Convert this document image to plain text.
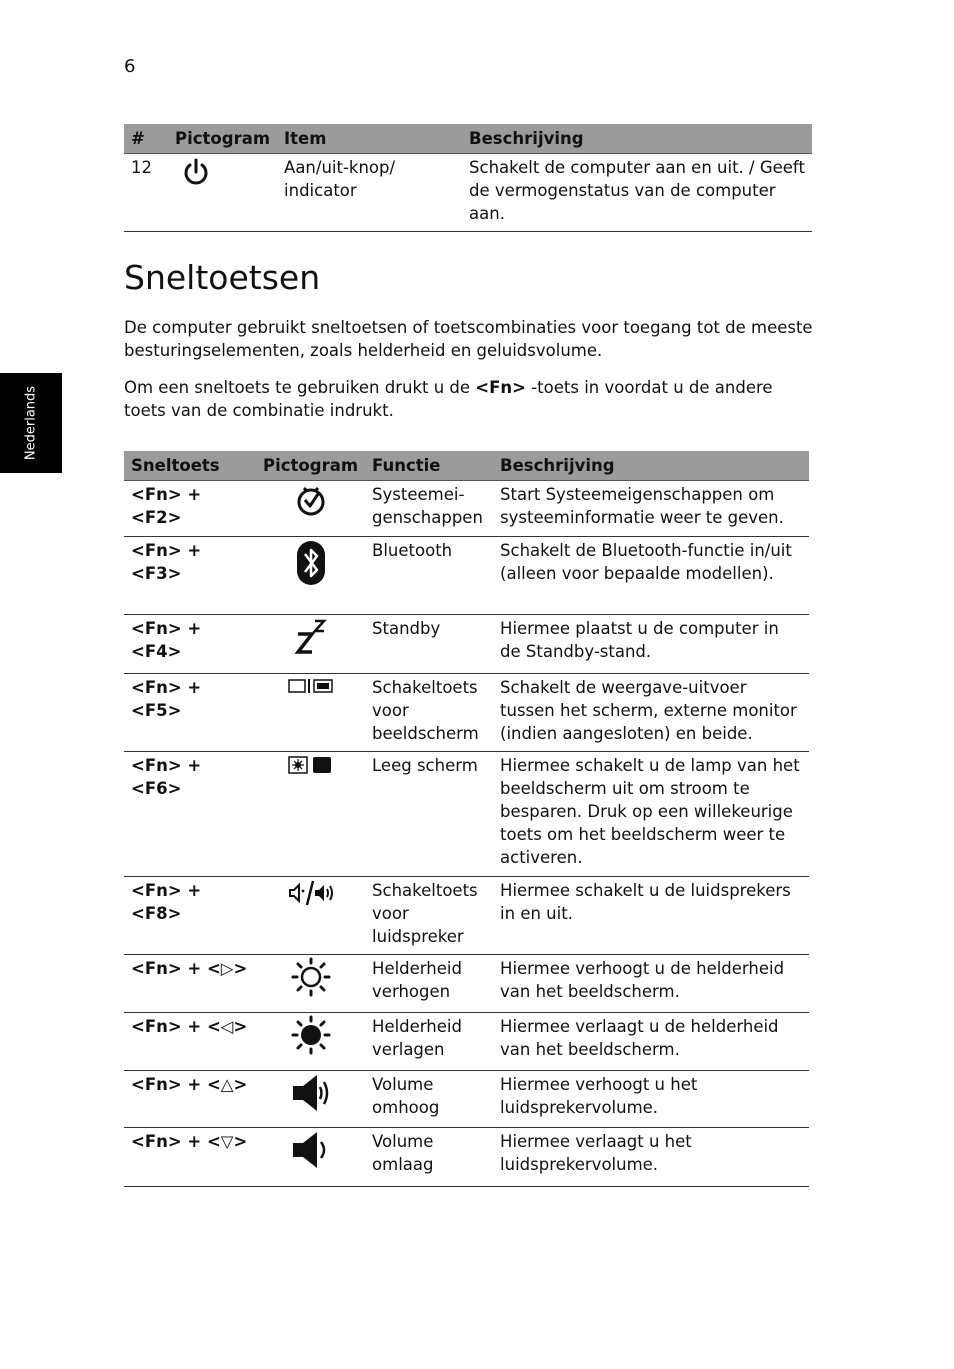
6
Nederlands
#	Pictogram	Item	Beschrijving
12		Aan/uit-knop/ indicator	Schakelt de computer aan en uit. / Geeft de vermogenstatus van de computer aan.
Sneltoetsen

De computer gebruikt sneltoetsen of toetscombinaties voor toegang tot de meeste besturingselementen, zoals helderheid en geluidsvolume.

Om een sneltoets te gebruiken drukt u de <Fn> -toets in voordat u de andere toets van de combinatie indrukt.

Sneltoets	Pictogram	Functie	Beschrijving
<Fn> + <F2>		Systeemei-genschappen	Start Systeemeigenschappen om systeeminformatie weer te geven.
<Fn> + <F3>		Bluetooth	Schakelt de Bluetooth-functie in/uit (alleen voor bepaalde modellen).
<Fn> + <F4>		Standby	Hiermee plaatst u de computer in de Standby-stand.
<Fn> + <F5>		Schakeltoets voor beeldscherm	Schakelt de weergave-uitvoer tussen het scherm, externe monitor (indien aangesloten) en beide.
<Fn> + <F6>		Leeg scherm	Hiermee schakelt u de lamp van het beeldscherm uit om stroom te besparen. Druk op een willekeurige toets om het beeldscherm weer te activeren.
<Fn> + <F8>		Schakeltoets voor luidspreker	Hiermee schakelt u de luidsprekers in en uit.
<Fn> + <▷>		Helderheid verhogen	Hiermee verhoogt u de helderheid van het beeldscherm.
<Fn> + <◁>		Helderheid verlagen	Hiermee verlaagt u de helderheid van het beeldscherm.
<Fn> + <△>		Volume omhoog	Hiermee verhoogt u het luidsprekervolume.
<Fn> + <▽>		Volume omlaag	Hiermee verlaagt u het luidsprekervolume.
